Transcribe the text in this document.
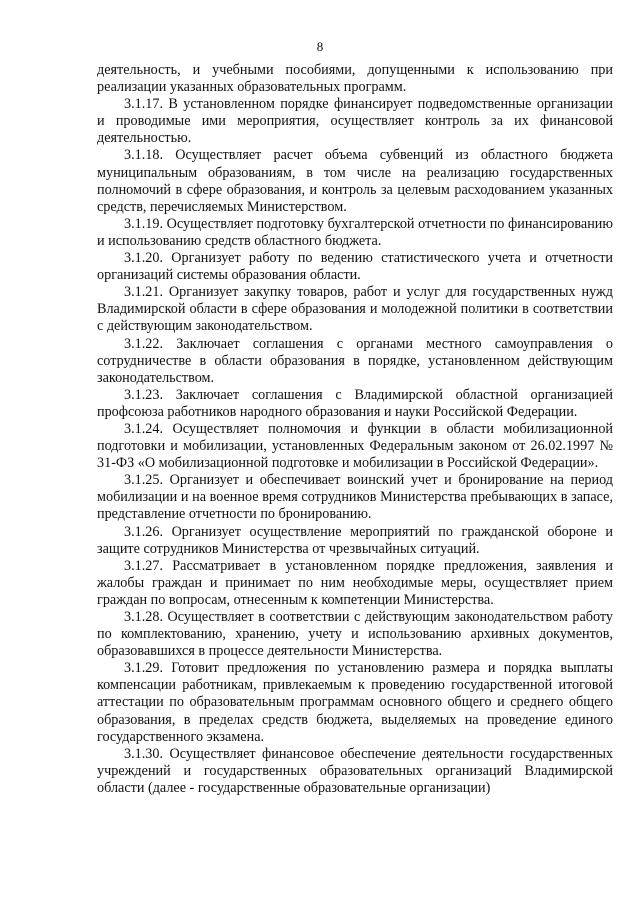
8

деятельность, и учебными пособиями, допущенными к использованию при реализации указанных образовательных программ.

3.1.17. В установленном порядке финансирует подведомственные организации и проводимые ими мероприятия, осуществляет контроль за их финансовой деятельностью.

3.1.18. Осуществляет расчет объема субвенций из областного бюджета муниципальным образованиям, в том числе на реализацию государственных полномочий в сфере образования, и контроль за целевым расходованием указанных средств, перечисляемых Министерством.

3.1.19. Осуществляет подготовку бухгалтерской отчетности по финансированию и использованию средств областного бюджета.

3.1.20. Организует работу по ведению статистического учета и отчетности организаций системы образования области.

3.1.21. Организует закупку товаров, работ и услуг для государственных нужд Владимирской области в сфере образования и молодежной политики в соответствии с действующим законодательством.

3.1.22. Заключает соглашения с органами местного самоуправления о сотрудничестве в области образования в порядке, установленном действующим законодательством.

3.1.23. Заключает соглашения с Владимирской областной организацией профсоюза работников народного образования и науки Российской Федерации.

3.1.24. Осуществляет полномочия и функции в области мобилизационной подготовки и мобилизации, установленных Федеральным законом от 26.02.1997 № 31-ФЗ «О мобилизационной подготовке и мобилизации в Российской Федерации».

3.1.25. Организует и обеспечивает воинский учет и бронирование на период мобилизации и на военное время сотрудников Министерства пребывающих в запасе, представление отчетности по бронированию.

3.1.26. Организует осуществление мероприятий по гражданской обороне и защите сотрудников Министерства от чрезвычайных ситуаций.

3.1.27. Рассматривает в установленном порядке предложения, заявления и жалобы граждан и принимает по ним необходимые меры, осуществляет прием граждан по вопросам, отнесенным к компетенции Министерства.

3.1.28. Осуществляет в соответствии с действующим законодательством работу по комплектованию, хранению, учету и использованию архивных документов, образовавшихся в процессе деятельности Министерства.

3.1.29. Готовит предложения по установлению размера и порядка выплаты компенсации работникам, привлекаемым к проведению государственной итоговой аттестации по образовательным программам основного общего и среднего общего образования, в пределах средств бюджета, выделяемых на проведение единого государственного экзамена.

3.1.30. Осуществляет финансовое обеспечение деятельности государственных учреждений и государственных образовательных организаций Владимирской области (далее - государственные образовательные организации)
